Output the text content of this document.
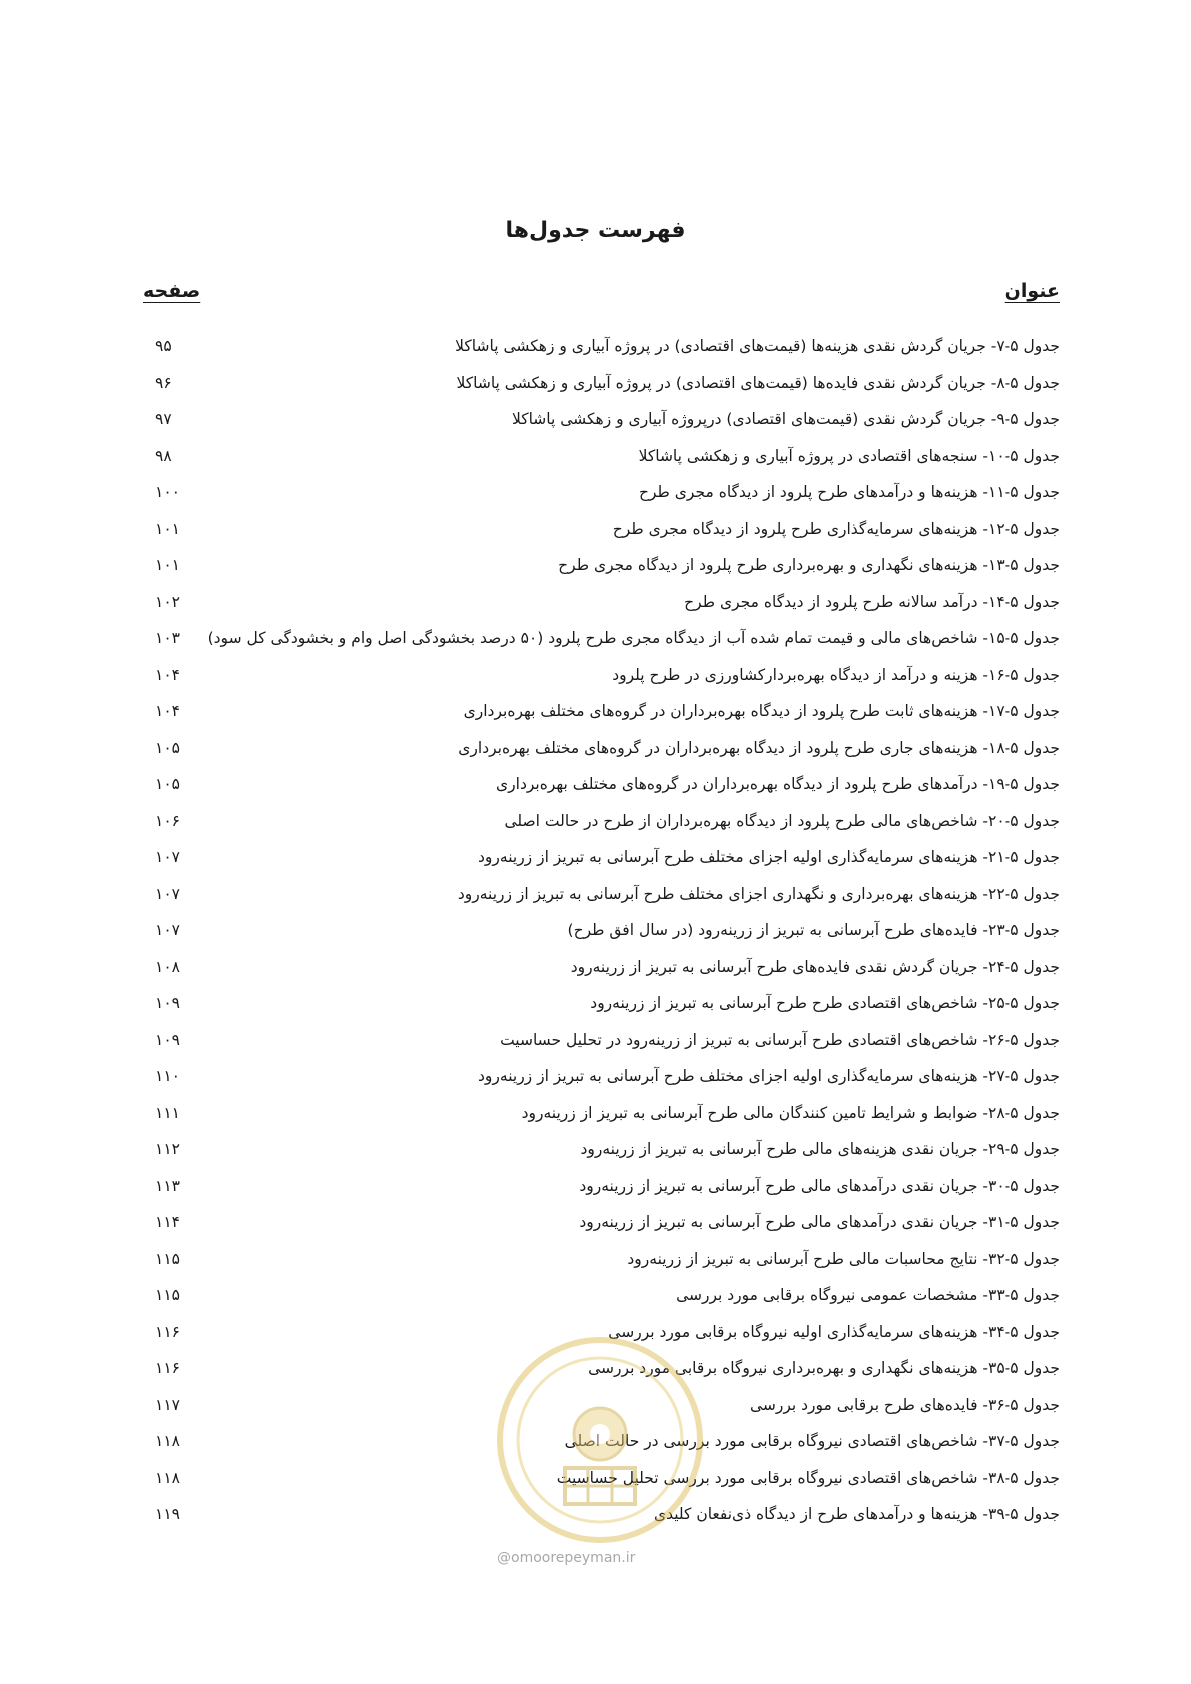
فهرست جدول‌ها
عنوان
صفحه
جدول ۵-۷- جریان گردش نقدی هزینه‌ها (قیمت‌های اقتصادی) در پروژه آبیاری و زهکشی پاشاکلا
۹۵
جدول ۵-۸- جریان گردش نقدی فایده‌ها (قیمت‌های اقتصادی) در پروژه آبیاری و زهکشی پاشاکلا
۹۶
جدول ۵-۹- جریان گردش نقدی (قیمت‌های اقتصادی) درپروژه آبیاری و زهکشی پاشاکلا
۹۷
جدول ۵-۱۰- سنجه‌های اقتصادی در پروژه آبیاری و زهکشی پاشاکلا
۹۸
جدول ۵-۱۱- هزینه‌ها و درآمدهای طرح پلرود از دیدگاه مجری طرح
۱۰۰
جدول ۵-۱۲- هزینه‌های سرمایه‌گذاری طرح پلرود از دیدگاه مجری طرح
۱۰۱
جدول ۵-۱۳- هزینه‌های نگهداری و بهره‌برداری طرح پلرود از دیدگاه مجری طرح
۱۰۱
جدول ۵-۱۴- درآمد سالانه طرح پلرود از دیدگاه مجری طرح
۱۰۲
جدول ۵-۱۵- شاخص‌های مالی و قیمت تمام شده آب از دیدگاه مجری طرح پلرود (۵۰ درصد بخشودگی اصل وام و بخشودگی کل سود)
۱۰۳
جدول ۵-۱۶- هزینه و درآمد از دیدگاه بهره‌بردارکشاورزی در طرح پلرود
۱۰۴
جدول ۵-۱۷- هزینه‌های ثابت طرح پلرود از دیدگاه بهره‌برداران در گروه‌های مختلف بهره‌برداری
۱۰۴
جدول ۵-۱۸- هزینه‌های جاری طرح پلرود از دیدگاه بهره‌برداران در گروه‌های مختلف بهره‌برداری
۱۰۵
جدول ۵-۱۹- درآمدهای طرح پلرود از دیدگاه بهره‌برداران در گروه‌های مختلف بهره‌برداری
۱۰۵
جدول ۵-۲۰- شاخص‌های مالی طرح پلرود از دیدگاه بهره‌برداران از طرح در حالت اصلی
۱۰۶
جدول ۵-۲۱- هزینه‌های سرمایه‌گذاری اولیه اجزای مختلف طرح آبرسانی به تبریز از زرینه‌رود
۱۰۷
جدول ۵-۲۲- هزینه‌های بهره‌برداری و نگهداری اجزای مختلف طرح آبرسانی به تبریز از زرینه‌رود
۱۰۷
جدول ۵-۲۳- فایده‌های طرح آبرسانی به تبریز از زرینه‌رود (در سال افق طرح)
۱۰۷
جدول ۵-۲۴- جریان گردش نقدی فایده‌های طرح آبرسانی به تبریز از زرینه‌رود
۱۰۸
جدول ۵-۲۵- شاخص‌های اقتصادی طرح طرح آبرسانی به تبریز از زرینه‌رود
۱۰۹
جدول ۵-۲۶- شاخص‌های اقتصادی طرح آبرسانی به تبریز از زرینه‌رود در تحلیل حساسیت
۱۰۹
جدول ۵-۲۷- هزینه‌های سرمایه‌گذاری اولیه اجزای مختلف طرح آبرسانی به تبریز از زرینه‌رود
۱۱۰
جدول ۵-۲۸- ضوابط و شرایط تامین کنندگان مالی طرح آبرسانی به تبریز از زرینه‌رود
۱۱۱
جدول ۵-۲۹- جریان نقدی هزینه‌های مالی طرح آبرسانی به تبریز از زرینه‌رود
۱۱۲
جدول ۵-۳۰- جریان نقدی درآمدهای مالی طرح آبرسانی به تبریز از زرینه‌رود
۱۱۳
جدول ۵-۳۱- جریان نقدی درآمدهای مالی طرح آبرسانی به تبریز از زرینه‌رود
۱۱۴
جدول ۵-۳۲- نتایج محاسبات مالی طرح آبرسانی به تبریز از زرینه‌رود
۱۱۵
جدول ۵-۳۳- مشخصات عمومی نیروگاه برقابی مورد بررسی
۱۱۵
جدول ۵-۳۴- هزینه‌های سرمایه‌گذاری اولیه نیروگاه برقابی مورد بررسی
۱۱۶
جدول ۵-۳۵- هزینه‌های نگهداری و بهره‌برداری نیروگاه برقابی مورد بررسی
۱۱۶
جدول ۵-۳۶- فایده‌های طرح برقابی مورد بررسی
۱۱۷
جدول ۵-۳۷- شاخص‌های اقتصادی نیروگاه برقابی مورد بررسی در حالت اصلی
۱۱۸
جدول ۵-۳۸- شاخص‌های اقتصادی نیروگاه برقابی مورد بررسی تحلیل حساسیت
۱۱۸
جدول ۵-۳۹- هزینه‌ها و درآمدهای طرح از دیدگاه ذی‌نفعان کلیدی
۱۱۹
@omoorepeyman.ir
